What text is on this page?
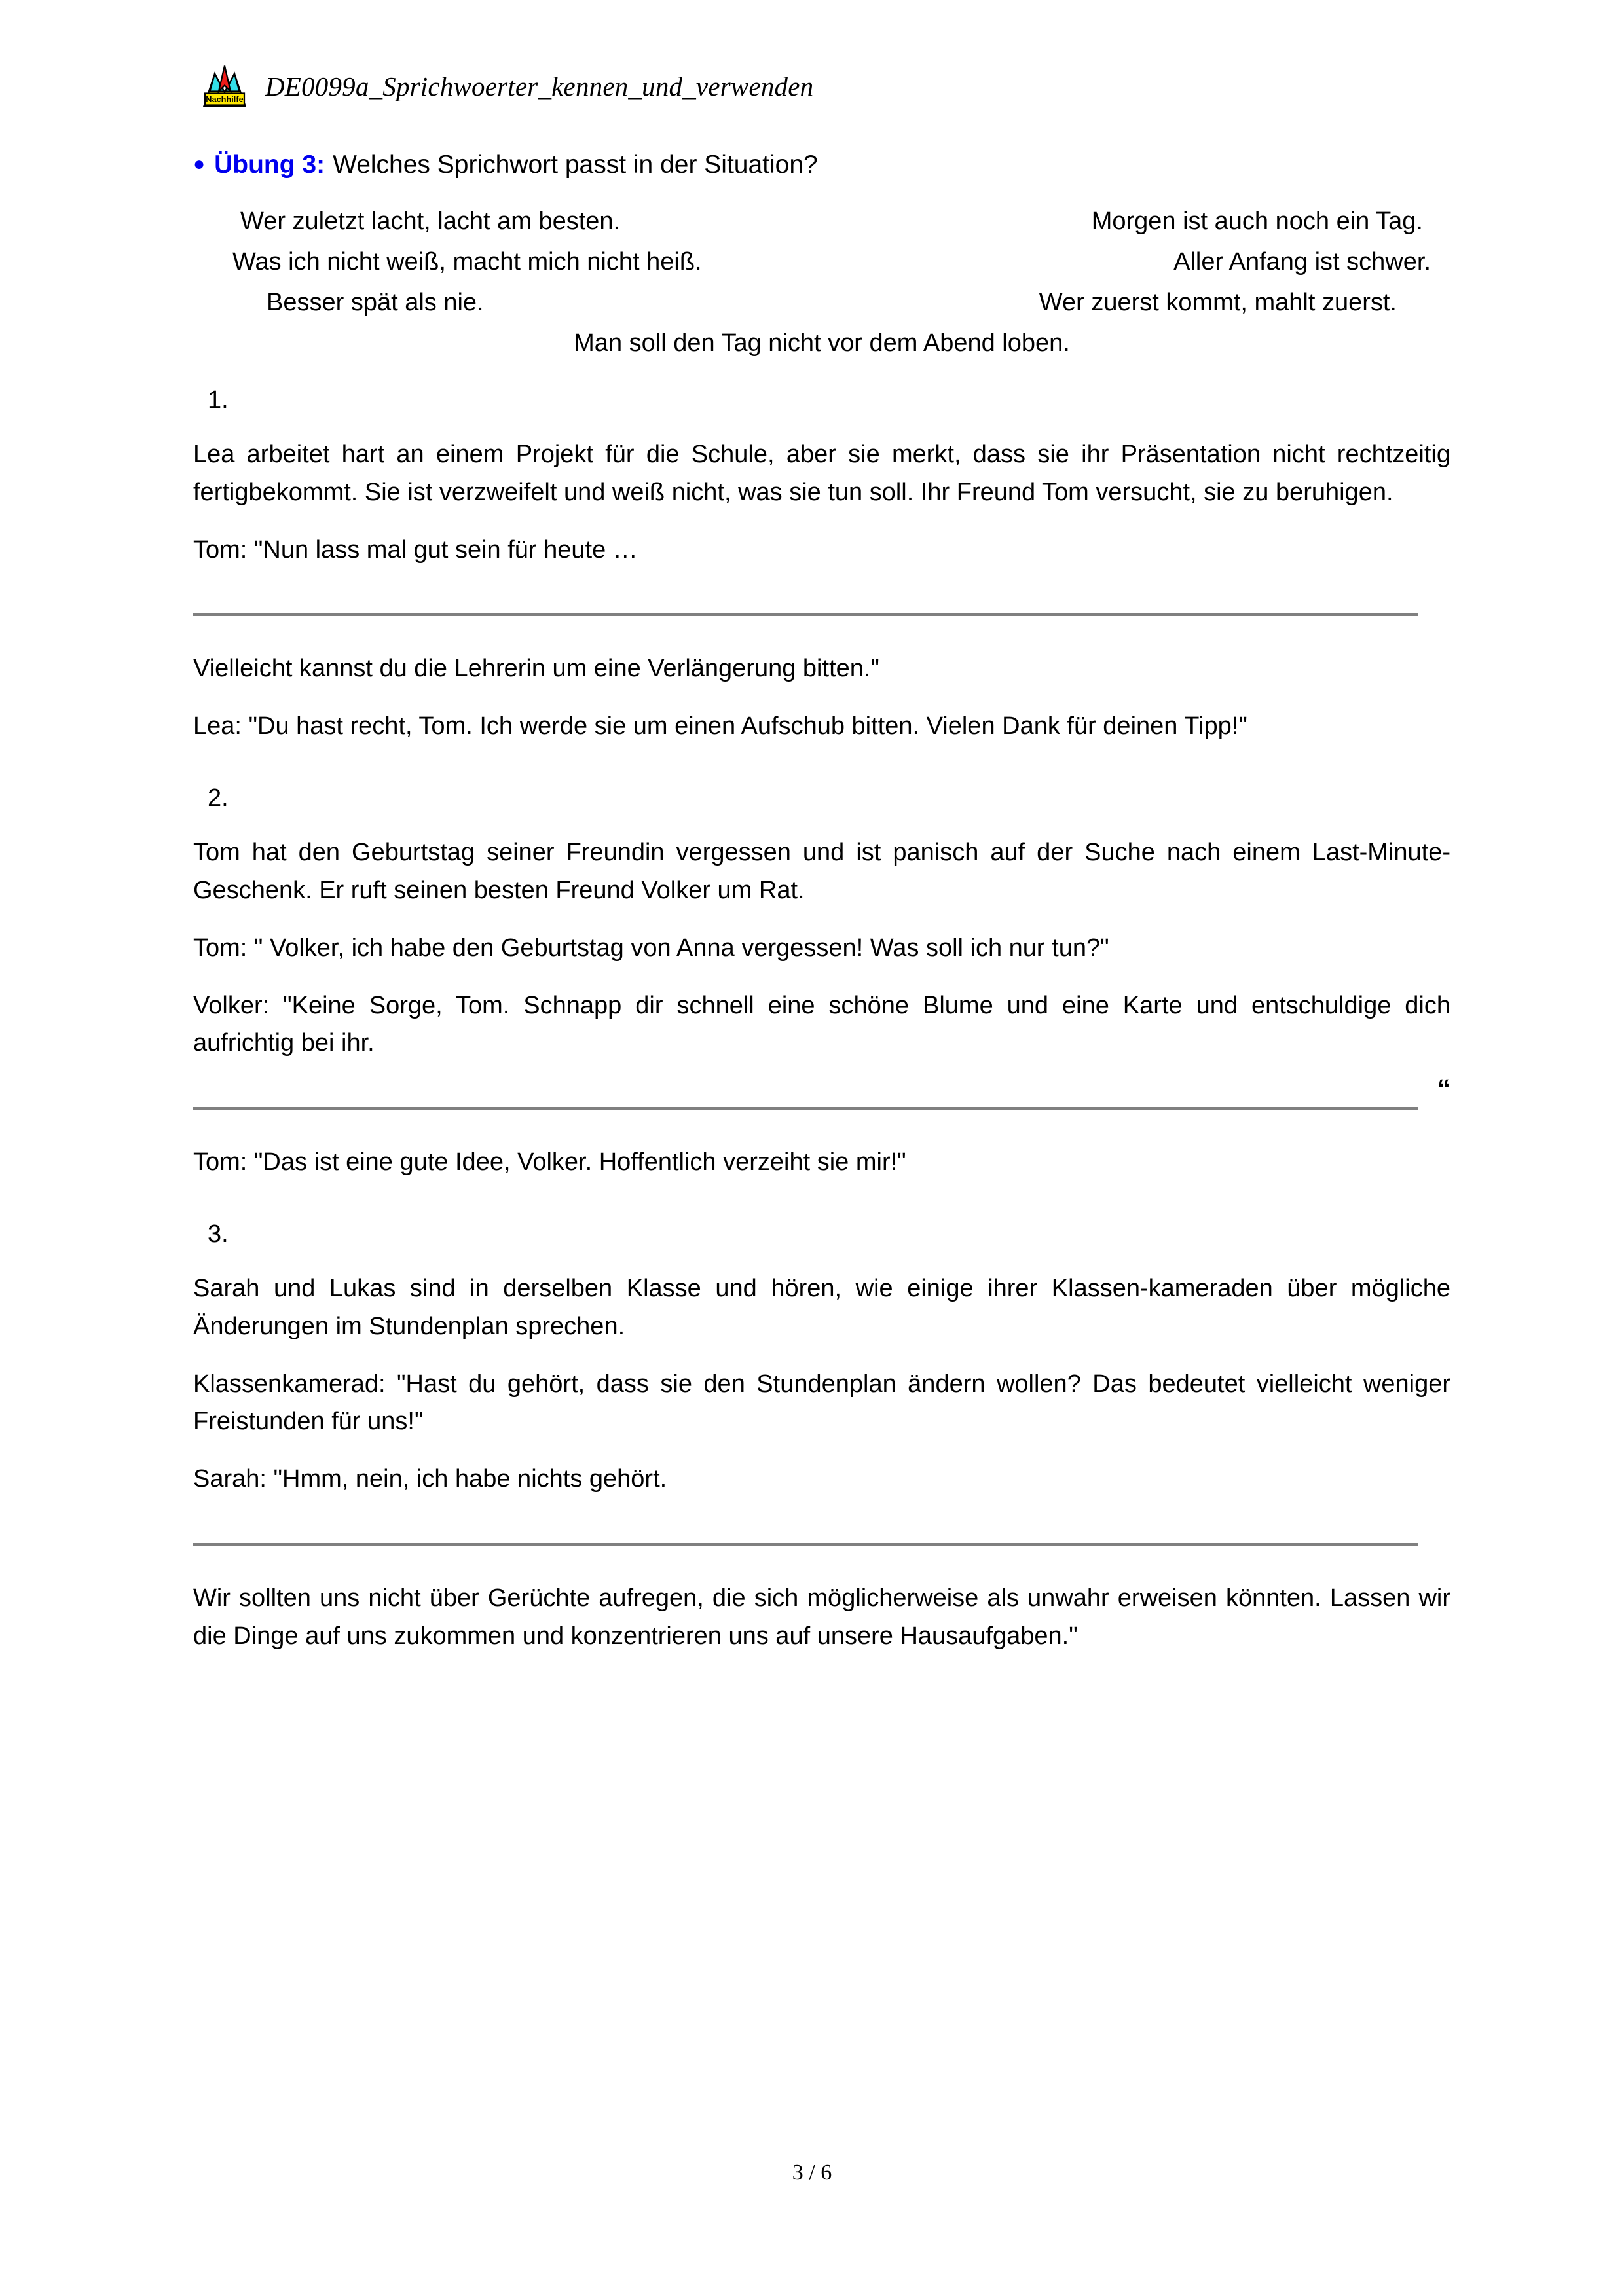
Nachhilfe DE0099a_Sprichwoerter_kennen_und_verwenden
● Übung 3: Welches Sprichwort passt in der Situation?
Wer zuletzt lacht, lacht am besten.	Morgen ist auch noch ein Tag.
Was ich nicht weiß, macht mich nicht heiß.	Aller Anfang ist schwer.
Besser spät als nie.	Wer zuerst kommt, mahlt zuerst.
Man soll den Tag nicht vor dem Abend loben.
1.

Lea arbeitet hart an einem Projekt für die Schule, aber sie merkt, dass sie ihr Präsentation nicht rechtzeitig fertigbekommt. Sie ist verzweifelt und weiß nicht, was sie tun soll. Ihr Freund Tom versucht, sie zu beruhigen.

Tom: "Nun lass mal gut sein für heute …

Vielleicht kannst du die Lehrerin um eine Verlängerung bitten."

Lea: "Du hast recht, Tom. Ich werde sie um einen Aufschub bitten. Vielen Dank für deinen Tipp!"

2.

Tom hat den Geburtstag seiner Freundin vergessen und ist panisch auf der Suche nach einem Last-Minute-Geschenk. Er ruft seinen besten Freund Volker um Rat.

Tom: " Volker, ich habe den Geburtstag von Anna vergessen! Was soll ich nur tun?"

Volker: "Keine Sorge, Tom. Schnapp dir schnell eine schöne Blume und eine Karte und entschuldige dich aufrichtig bei ihr.

“

Tom: "Das ist eine gute Idee, Volker. Hoffentlich verzeiht sie mir!"

3.

Sarah und Lukas sind in derselben Klasse und hören, wie einige ihrer Klassen-kameraden über mögliche Änderungen im Stundenplan sprechen.

Klassenkamerad: "Hast du gehört, dass sie den Stundenplan ändern wollen? Das bedeutet vielleicht weniger Freistunden für uns!"

Sarah: "Hmm, nein, ich habe nichts gehört.

Wir sollten uns nicht über Gerüchte aufregen, die sich möglicherweise als unwahr erweisen könnten. Lassen wir die Dinge auf uns zukommen und konzentrieren uns auf unsere Hausaufgaben."

3 / 6
